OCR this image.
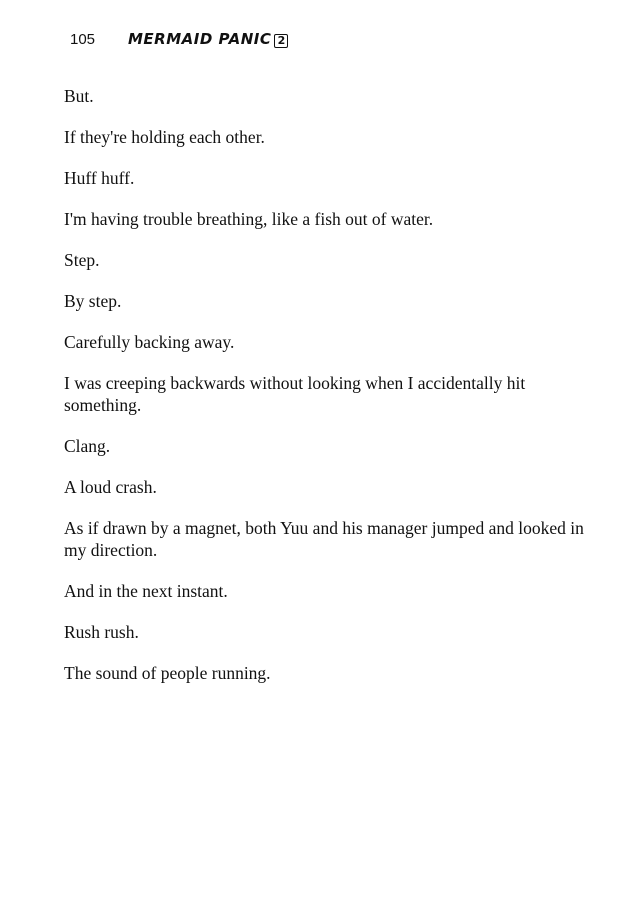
105	MERMAID PANIC 2

But.

If they're holding each other.

Huff huff.

I'm having trouble breathing, like a fish out of water.

Step.

By step.

Carefully backing away.

I was creeping backwards without looking when I accidentally hit something.

Clang.

A loud crash.

As if drawn by a magnet, both Yuu and his manager jumped and looked in my direction.

And in the next instant.

Rush rush.

The sound of people running.
